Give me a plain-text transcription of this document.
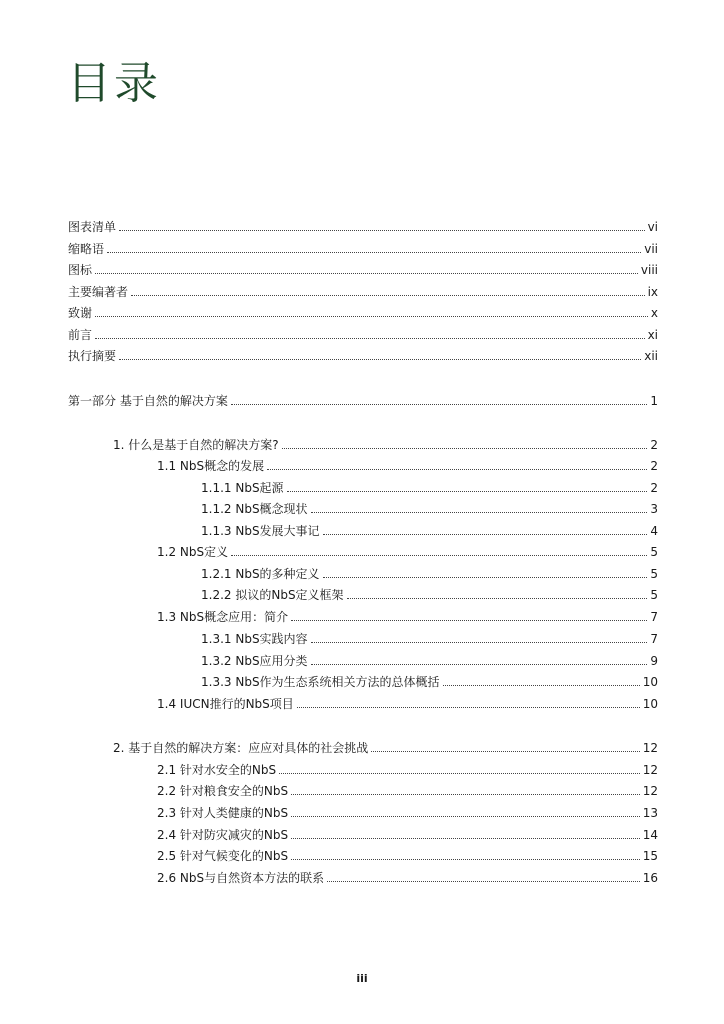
目录
图表清单	vi
缩略语	vii
图标	viii
主要编著者	ix
致谢	x
前言	xi
执行摘要	xii
第一部分 基于自然的解决方案	1
1. 什么是基于自然的解决方案?	2
1.1 NbS概念的发展	2
1.1.1 NbS起源	2
1.1.2 NbS概念现状	3
1.1.3 NbS发展大事记	4
1.2 NbS定义	5
1.2.1 NbS的多种定义	5
1.2.2 拟议的NbS定义框架	5
1.3 NbS概念应用：简介	7
1.3.1 NbS实践内容	7
1.3.2 NbS应用分类	9
1.3.3 NbS作为生态系统相关方法的总体概括	10
1.4 IUCN推行的NbS项目	10
2. 基于自然的解决方案：应应对具体的社会挑战	12
2.1 针对水安全的NbS	12
2.2 针对粮食安全的NbS	12
2.3 针对人类健康的NbS	13
2.4 针对防灾减灾的NbS	14
2.5 针对气候变化的NbS	15
2.6 NbS与自然资本方法的联系	16
iii
